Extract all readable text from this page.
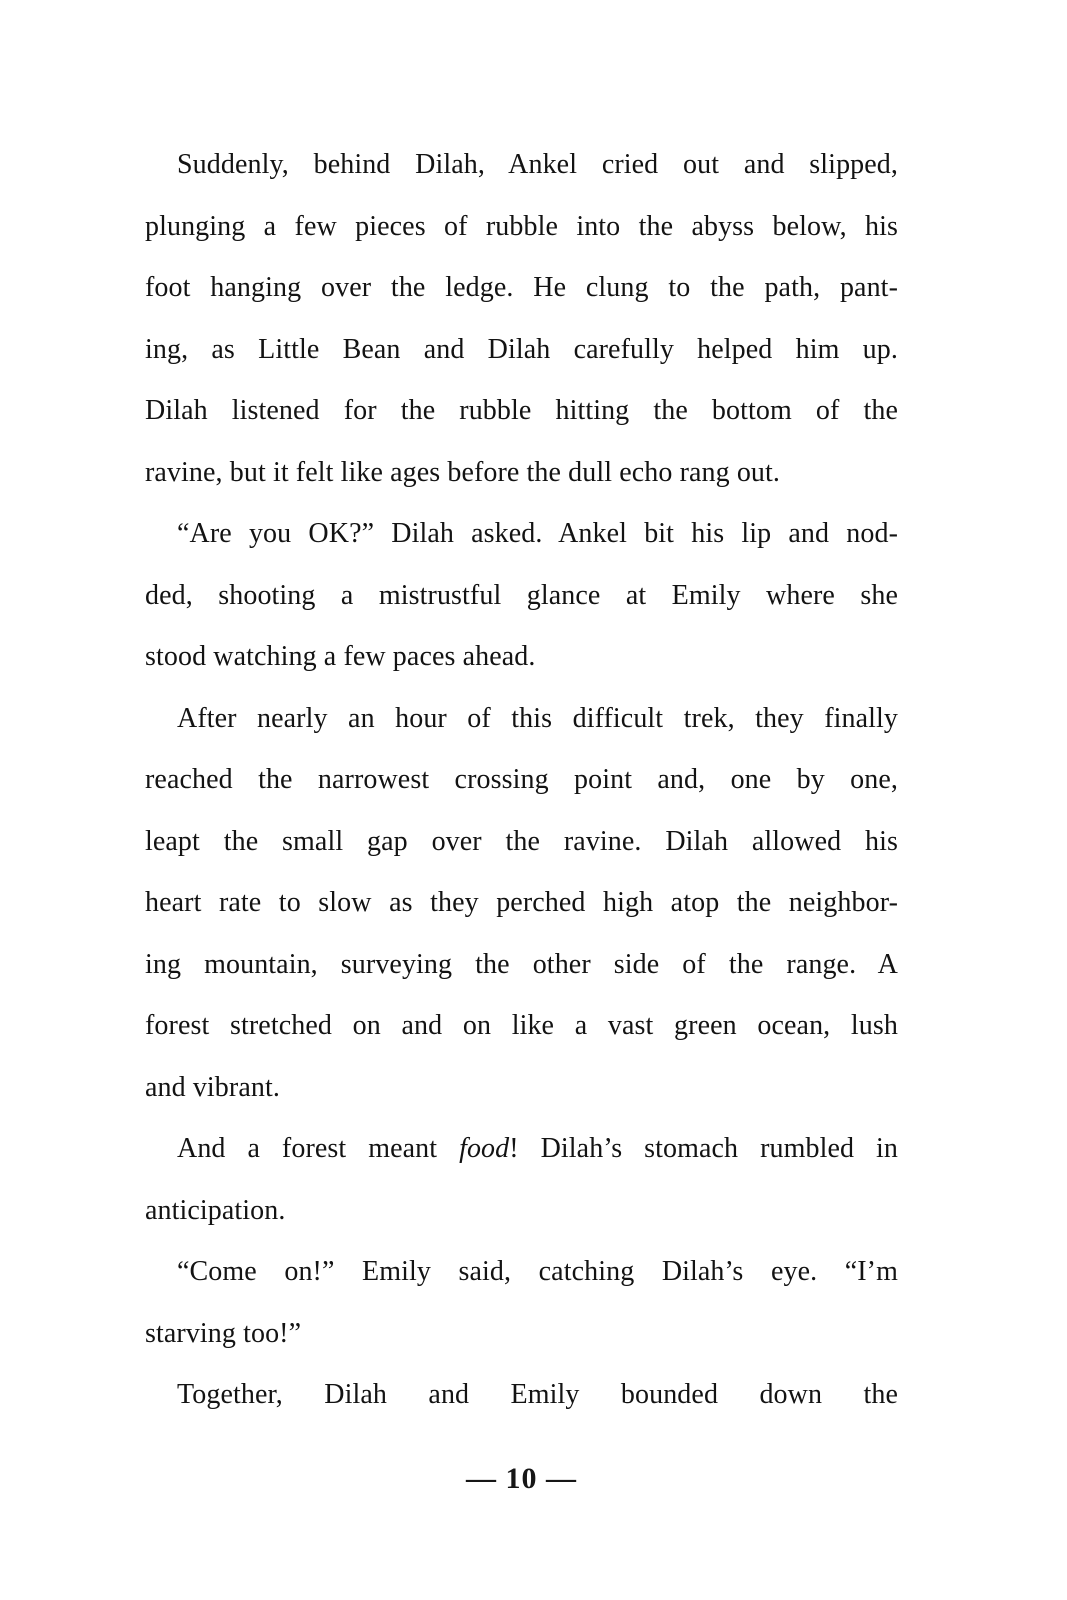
Suddenly, behind Dilah, Ankel cried out and slipped,
plunging a few pieces of rubble into the abyss below, his
foot hanging over the ledge. He clung to the path, pant-
ing, as Little Bean and Dilah carefully helped him up.
Dilah listened for the rubble hitting the bottom of the
ravine, but it felt like ages before the dull echo rang out.

“Are you OK?” Dilah asked. Ankel bit his lip and nod-
ded, shooting a mistrustful glance at Emily where she
stood watching a few paces ahead.

After nearly an hour of this difficult trek, they finally
reached the narrowest crossing point and, one by one,
leapt the small gap over the ravine. Dilah allowed his
heart rate to slow as they perched high atop the neighbor-
ing mountain, surveying the other side of the range. A
forest stretched on and on like a vast green ocean, lush
and vibrant.

And a forest meant food! Dilah’s stomach rumbled in
anticipation.

“Come on!” Emily said, catching Dilah’s eye. “I’m
starving too!”

Together, Dilah and Emily bounded down the

— 10 —
